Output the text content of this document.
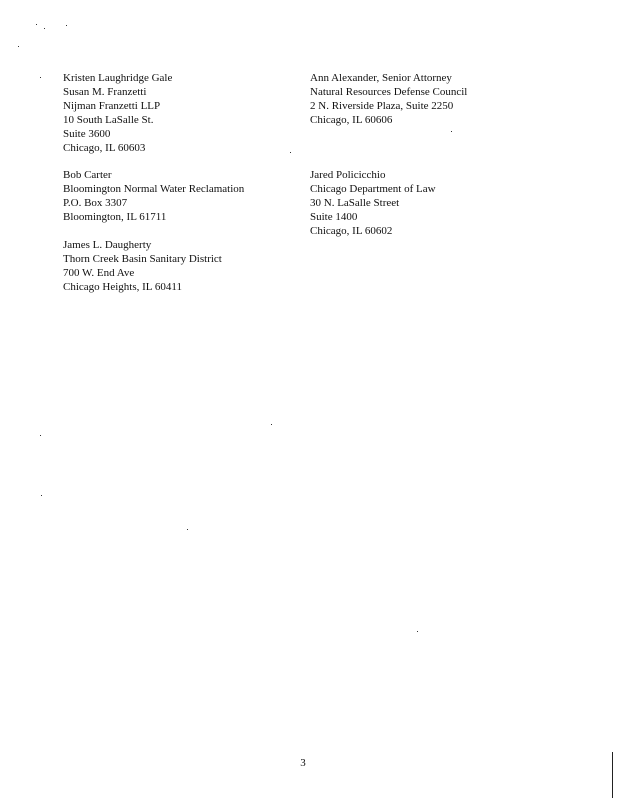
Kristen Laughridge Gale
Susan M. Franzetti
Nijman Franzetti LLP
10 South LaSalle St.
Suite 3600
Chicago, IL 60603
Bob Carter
Bloomington Normal Water Reclamation
P.O. Box 3307
Bloomington, IL 61711
James L. Daugherty
Thorn Creek Basin Sanitary District
700 W. End Ave
Chicago Heights, IL 60411
Ann Alexander, Senior Attorney
Natural Resources Defense Council
2 N. Riverside Plaza, Suite 2250
Chicago, IL 60606
Jared Policicchio
Chicago Department of Law
30 N. LaSalle Street
Suite 1400
Chicago, IL 60602
3
